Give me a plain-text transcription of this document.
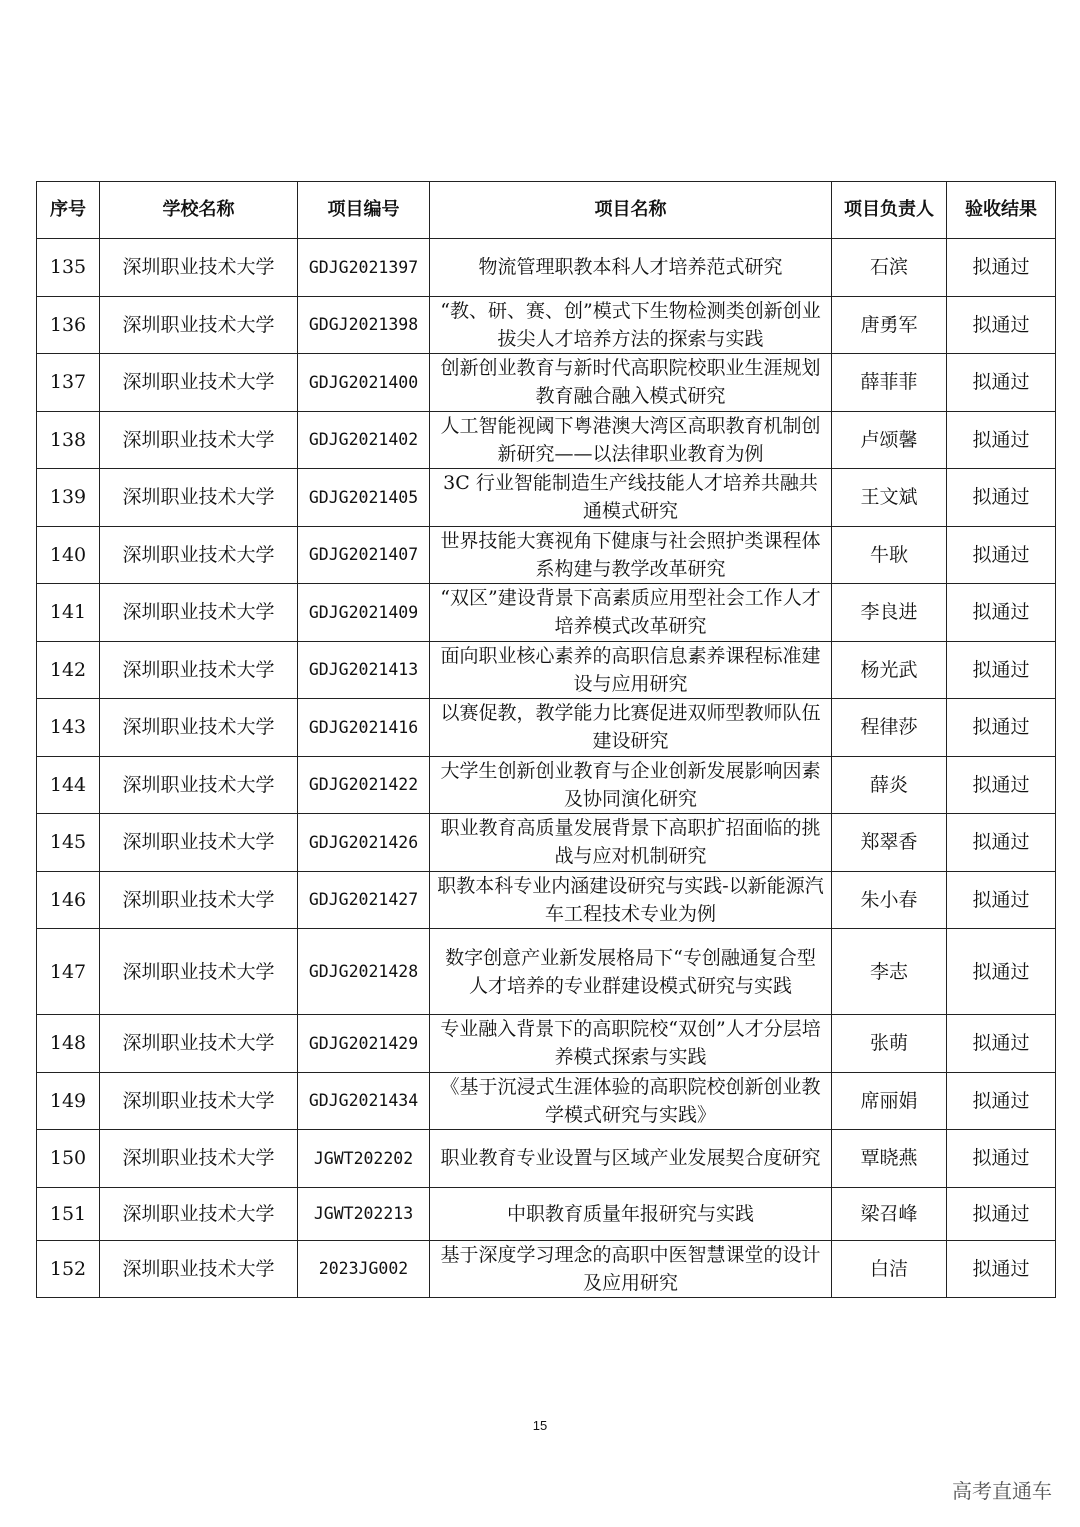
序号	学校名称	项目编号	项目名称	项目负责人	验收结果
135	深圳职业技术大学	GDJG2021397	物流管理职教本科人才培养范式研究	石滨	拟通过
136	深圳职业技术大学	GDGJ2021398	“教、研、赛、创”模式下生物检测类创新创业拔尖人才培养方法的探索与实践	唐勇军	拟通过
137	深圳职业技术大学	GDJG2021400	创新创业教育与新时代高职院校职业生涯规划教育融合融入模式研究	薛菲菲	拟通过
138	深圳职业技术大学	GDJG2021402	人工智能视阈下粤港澳大湾区高职教育机制创新研究——以法律职业教育为例	卢颂馨	拟通过
139	深圳职业技术大学	GDJG2021405	3C 行业智能制造生产线技能人才培养共融共通模式研究	王文斌	拟通过
140	深圳职业技术大学	GDJG2021407	世界技能大赛视角下健康与社会照护类课程体系构建与教学改革研究	牛耿	拟通过
141	深圳职业技术大学	GDJG2021409	“双区”建设背景下高素质应用型社会工作人才培养模式改革研究	李良进	拟通过
142	深圳职业技术大学	GDJG2021413	面向职业核心素养的高职信息素养课程标准建设与应用研究	杨光武	拟通过
143	深圳职业技术大学	GDJG2021416	以赛促教，教学能力比赛促进双师型教师队伍建设研究	程律莎	拟通过
144	深圳职业技术大学	GDJG2021422	大学生创新创业教育与企业创新发展影响因素及协同演化研究	薛炎	拟通过
145	深圳职业技术大学	GDJG2021426	职业教育高质量发展背景下高职扩招面临的挑战与应对机制研究	郑翠香	拟通过
146	深圳职业技术大学	GDJG2021427	职教本科专业内涵建设研究与实践-以新能源汽车工程技术专业为例	朱小春	拟通过
147	深圳职业技术大学	GDJG2021428	数字创意产业新发展格局下“专创融通复合型人才培养的专业群建设模式研究与实践	李志	拟通过
148	深圳职业技术大学	GDJG2021429	专业融入背景下的高职院校“双创”人才分层培养模式探索与实践	张萌	拟通过
149	深圳职业技术大学	GDJG2021434	《基于沉浸式生涯体验的高职院校创新创业教学模式研究与实践》	席丽娟	拟通过
150	深圳职业技术大学	JGWT202202	职业教育专业设置与区域产业发展契合度研究	覃晓燕	拟通过
151	深圳职业技术大学	JGWT202213	中职教育质量年报研究与实践	梁召峰	拟通过
152	深圳职业技术大学	2023JG002	基于深度学习理念的高职中医智慧课堂的设计及应用研究	白洁	拟通过
15
高考直通车
